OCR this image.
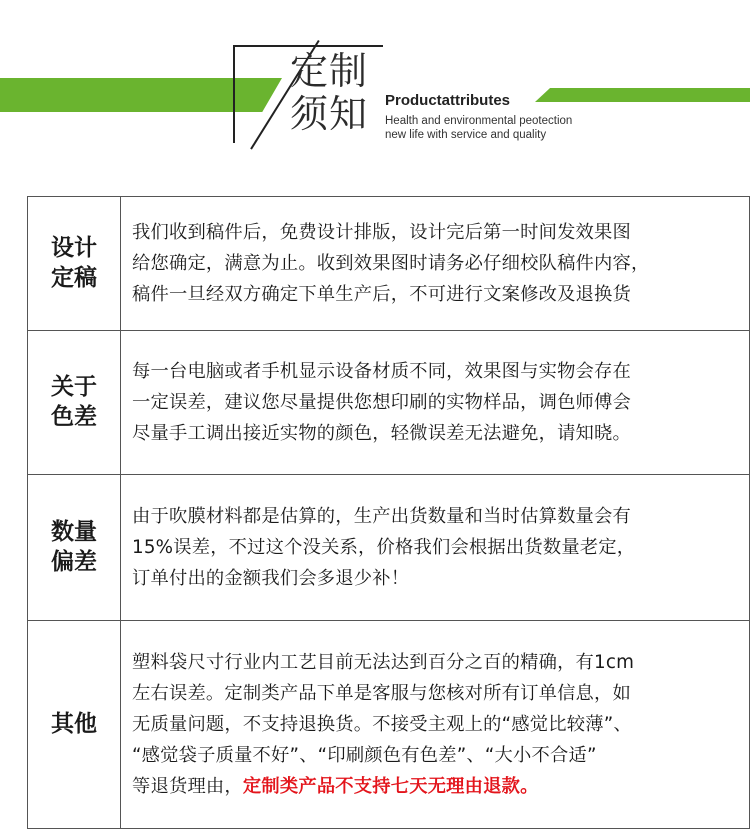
定制
须知 Productattributes
Health and environmental peotection
new life with service and quality
设计
定稿
我们收到稿件后，免费设计排版，设计完后第一时间发效果图
给您确定，满意为止。收到效果图时请务必仔细校队稿件内容，
稿件一旦经双方确定下单生产后，不可进行文案修改及退换货
关于
色差
每一台电脑或者手机显示设备材质不同，效果图与实物会存在
一定误差，建议您尽量提供您想印刷的实物样品，调色师傅会
尽量手工调出接近实物的颜色，轻微误差无法避免，请知晓。
数量
偏差
由于吹膜材料都是估算的，生产出货数量和当时估算数量会有
15%误差，不过这个没关系，价格我们会根据出货数量老定，
订单付出的金额我们会多退少补！
其他
塑料袋尺寸行业内工艺目前无法达到百分之百的精确，有1cm
左右误差。定制类产品下单是客服与您核对所有订单信息，如
无质量问题，不支持退换货。不接受主观上的“感觉比较薄”、
“感觉袋子质量不好”、“印刷颜色有色差”、“大小不合适”
等退货理由，定制类产品不支持七天无理由退款。
